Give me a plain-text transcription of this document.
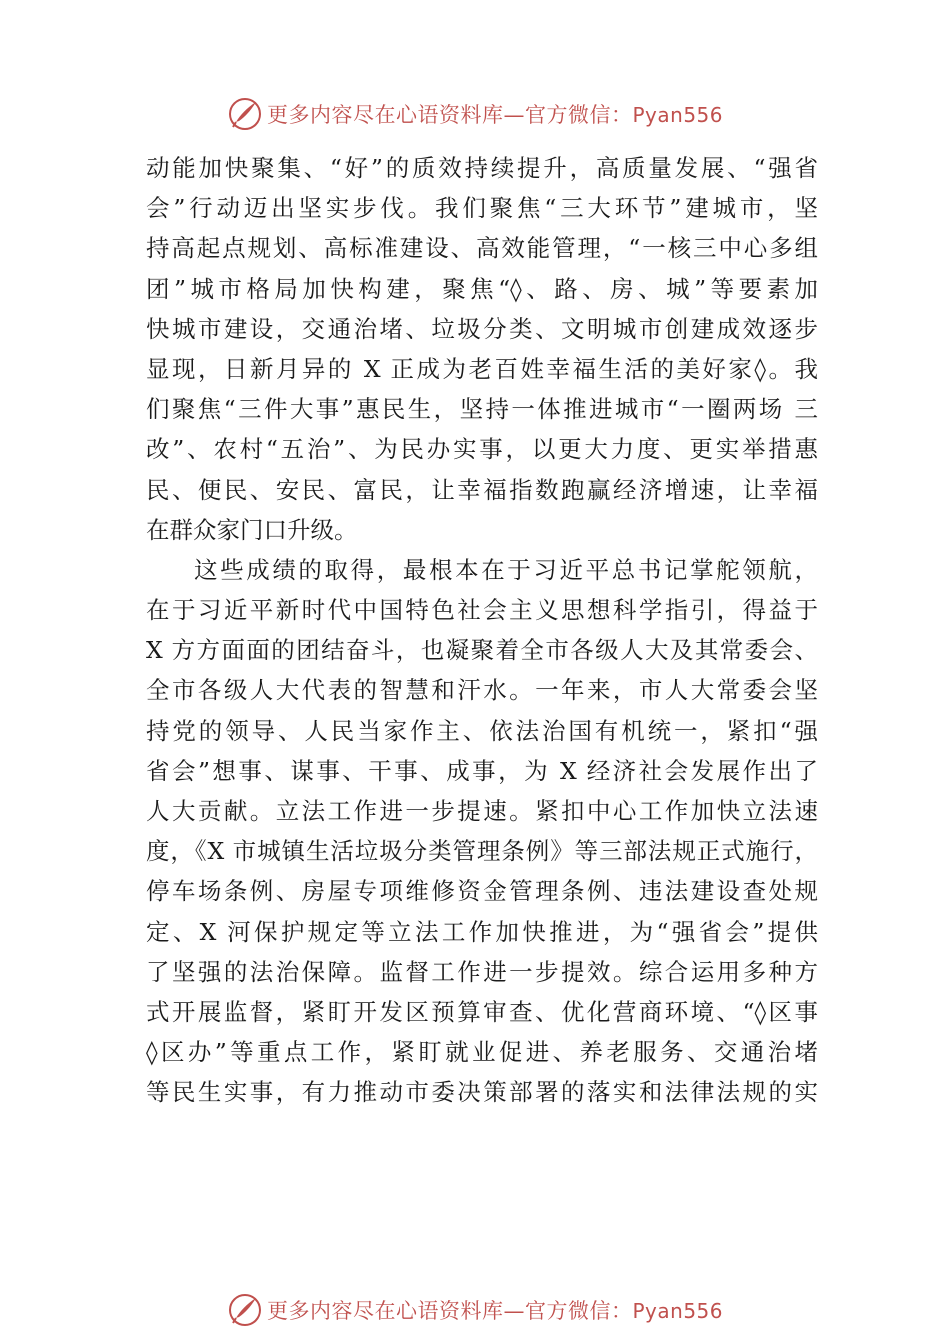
更多内容尽在心语资料库—官方微信：Pyan556
动能加快聚集、“好”的质效持续提升，高质量发展、“强省
会”行动迈出坚实步伐。我们聚焦“三大环节”建城市，坚
持高起点规划、高标准建设、高效能管理，“一核三中心多组
团”城市格局加快构建，聚焦“◊、路、房、城”等要素加
快城市建设，交通治堵、垃圾分类、文明城市创建成效逐步
显现，日新月异的 X 正成为老百姓幸福生活的美好家◊。我
们聚焦“三件大事”惠民生，坚持一体推进城市“一圈两场 三
改”、农村“五治”、为民办实事，以更大力度、更实举措惠
民、便民、安民、富民，让幸福指数跑赢经济增速，让幸福
在群众家门口升级。
这些成绩的取得，最根本在于习近平总书记掌舵领航，
在于习近平新时代中国特色社会主义思想科学指引，得益于
X 方方面面的团结奋斗，也凝聚着全市各级人大及其常委会、
全市各级人大代表的智慧和汗水。一年来，市人大常委会坚
持党的领导、人民当家作主、依法治国有机统一，紧扣“强
省会”想事、谋事、干事、成事，为 X 经济社会发展作出了
人大贡献。立法工作进一步提速。紧扣中心工作加快立法速
度，《X 市城镇生活垃圾分类管理条例》等三部法规正式施行，
停车场条例、房屋专项维修资金管理条例、违法建设查处规
定、X 河保护规定等立法工作加快推进，为“强省会”提供
了坚强的法治保障。监督工作进一步提效。综合运用多种方
式开展监督，紧盯开发区预算审查、优化营商环境、“◊区事
◊区办”等重点工作，紧盯就业促进、养老服务、交通治堵
等民生实事，有力推动市委决策部署的落实和法律法规的实
更多内容尽在心语资料库—官方微信：Pyan556
